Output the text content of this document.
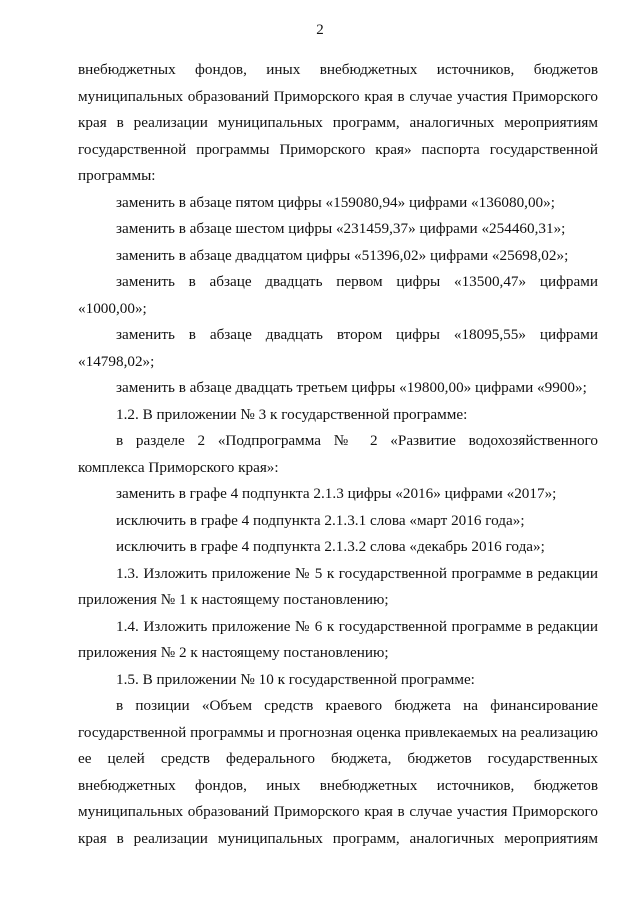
2
внебюджетных фондов, иных внебюджетных источников, бюджетов
муниципальных образований Приморского края в случае участия Приморского
края в реализации муниципальных программ, аналогичных мероприятиям
государственной программы Приморского края» паспорта государственной
программы:
заменить в абзаце пятом цифры «159080,94» цифрами «136080,00»;
заменить в абзаце шестом цифры «231459,37» цифрами «254460,31»;
заменить в абзаце двадцатом цифры «51396,02» цифрами «25698,02»;
заменить в абзаце двадцать первом цифры «13500,47» цифрами
«1000,00»;
заменить в абзаце двадцать втором цифры «18095,55» цифрами
«14798,02»;
заменить в абзаце двадцать третьем цифры «19800,00» цифрами «9900»;
1.2. В приложении № 3 к государственной программе:
в разделе 2 «Подпрограмма № 2 «Развитие водохозяйственного
комплекса Приморского края»:
заменить в графе 4 подпункта 2.1.3 цифры «2016» цифрами «2017»;
исключить в графе 4 подпункта 2.1.3.1 слова «март 2016 года»;
исключить в графе 4 подпункта 2.1.3.2 слова «декабрь 2016 года»;
1.3. Изложить приложение № 5 к государственной программе в редакции
приложения № 1 к настоящему постановлению;
1.4. Изложить приложение № 6 к государственной программе в редакции
приложения № 2 к настоящему постановлению;
1.5. В приложении № 10 к государственной программе:
в позиции «Объем средств краевого бюджета на финансирование
государственной программы и прогнозная оценка привлекаемых на реализацию
ее целей средств федерального бюджета, бюджетов государственных
внебюджетных фондов, иных внебюджетных источников, бюджетов
муниципальных образований Приморского края в случае участия Приморского
края в реализации муниципальных программ, аналогичных мероприятиям
